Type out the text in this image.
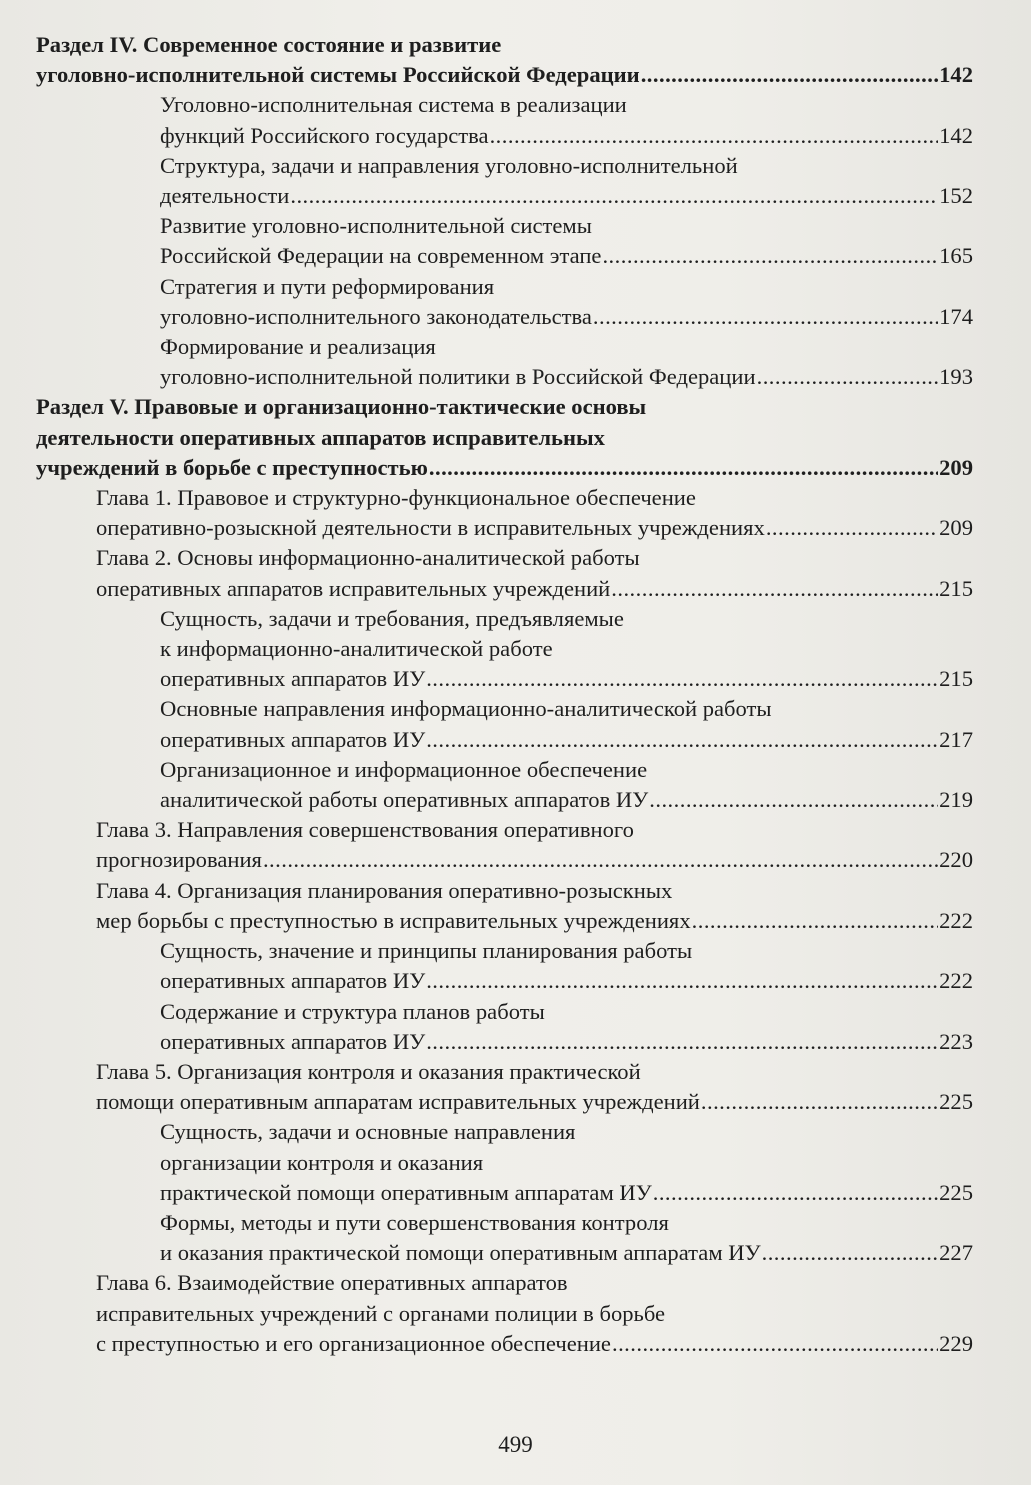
Раздел IV. Современное состояние и развитие
уголовно-исполнительной системы Российской Федерации . . .	142
Уголовно-исполнительная система в реализации
функций Российского государства . . .	142
Структура, задачи и направления уголовно-исполнительной
деятельности . . .	152
Развитие уголовно-исполнительной системы
Российской Федерации на современном этапе . . .	165
Стратегия и пути реформирования
уголовно-исполнительного законодательства . . .	174
Формирование и реализация
уголовно-исполнительной политики в Российской Федерации . . .	193
Раздел V. Правовые и организационно-тактические основы
деятельности оперативных аппаратов исправительных
учреждений в борьбе с преступностью . . .	209
Глава 1. Правовое и структурно-функциональное обеспечение
оперативно-розыскной деятельности в исправительных учреждениях . . .	209
Глава 2. Основы информационно-аналитической работы
оперативных аппаратов исправительных учреждений . . .	215
Сущность, задачи и требования, предъявляемые
к информационно-аналитической работе
оперативных аппаратов ИУ . . .	215
Основные направления информационно-аналитической работы
оперативных аппаратов ИУ . . .	217
Организационное и информационное обеспечение
аналитической работы оперативных аппаратов ИУ . . .	219
Глава 3. Направления совершенствования оперативного
прогнозирования . . .	220
Глава 4. Организация планирования оперативно-розыскных
мер борьбы с преступностью в исправительных учреждениях . . .	222
Сущность, значение и принципы планирования работы
оперативных аппаратов ИУ . . .	222
Содержание и структура планов работы
оперативных аппаратов ИУ . . .	223
Глава 5. Организация контроля и оказания практической
помощи оперативным аппаратам исправительных учреждений . . .	225
Сущность, задачи и основные направления
организации контроля и оказания
практической помощи оперативным аппаратам ИУ . . .	225
Формы, методы и пути совершенствования контроля
и оказания практической помощи оперативным аппаратам ИУ . . .	227
Глава 6. Взаимодействие оперативных аппаратов
исправительных учреждений с органами полиции в борьбе
с преступностью и его организационное обеспечение . . .	229
499
